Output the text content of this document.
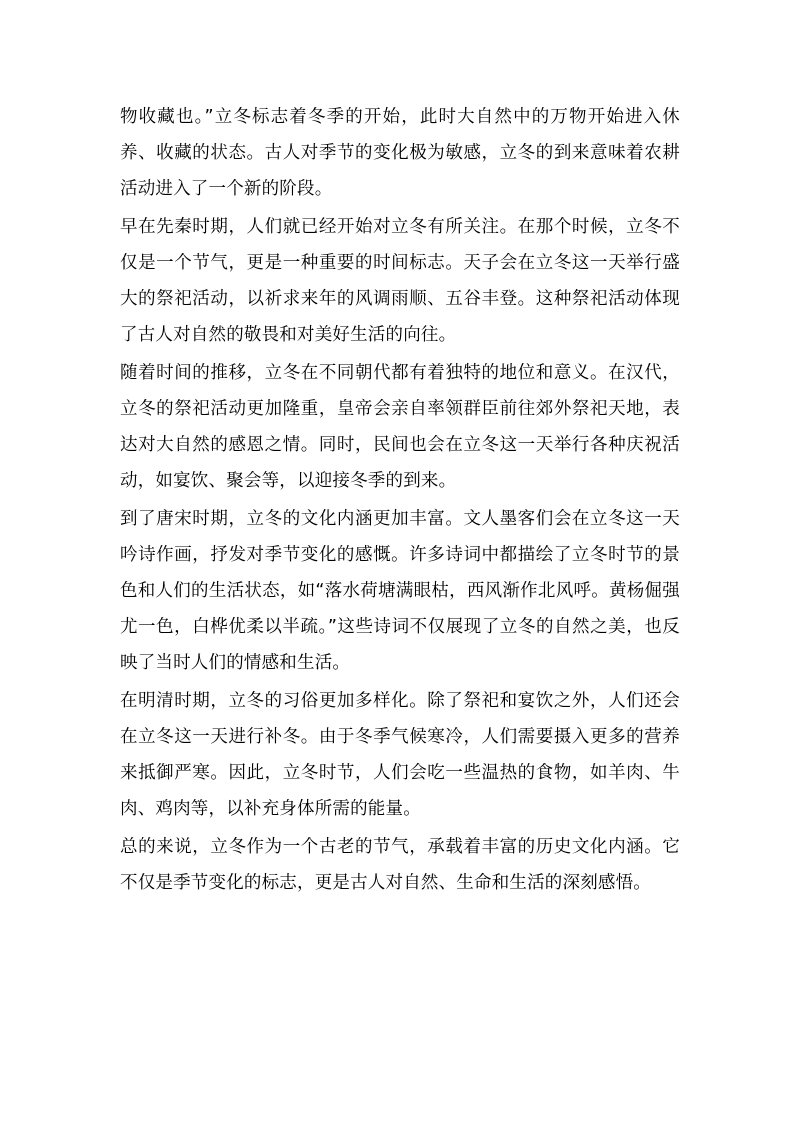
物收藏也。”立冬标志着冬季的开始，此时大自然中的万物开始进入休养、收藏的状态。古人对季节的变化极为敏感，立冬的到来意味着农耕活动进入了一个新的阶段。

早在先秦时期，人们就已经开始对立冬有所关注。在那个时候，立冬不仅是一个节气，更是一种重要的时间标志。天子会在立冬这一天举行盛大的祭祀活动，以祈求来年的风调雨顺、五谷丰登。这种祭祀活动体现了古人对自然的敬畏和对美好生活的向往。

随着时间的推移，立冬在不同朝代都有着独特的地位和意义。在汉代，立冬的祭祀活动更加隆重，皇帝会亲自率领群臣前往郊外祭祀天地，表达对大自然的感恩之情。同时，民间也会在立冬这一天举行各种庆祝活动，如宴饮、聚会等，以迎接冬季的到来。

到了唐宋时期，立冬的文化内涵更加丰富。文人墨客们会在立冬这一天吟诗作画，抒发对季节变化的感慨。许多诗词中都描绘了立冬时节的景色和人们的生活状态，如“落水荷塘满眼枯，西风渐作北风呼。黄杨倔强尤一色，白桦优柔以半疏。”这些诗词不仅展现了立冬的自然之美，也反映了当时人们的情感和生活。

在明清时期，立冬的习俗更加多样化。除了祭祀和宴饮之外，人们还会在立冬这一天进行补冬。由于冬季气候寒冷，人们需要摄入更多的营养来抵御严寒。因此，立冬时节，人们会吃一些温热的食物，如羊肉、牛肉、鸡肉等，以补充身体所需的能量。

总的来说，立冬作为一个古老的节气，承载着丰富的历史文化内涵。它不仅是季节变化的标志，更是古人对自然、生命和生活的深刻感悟。
